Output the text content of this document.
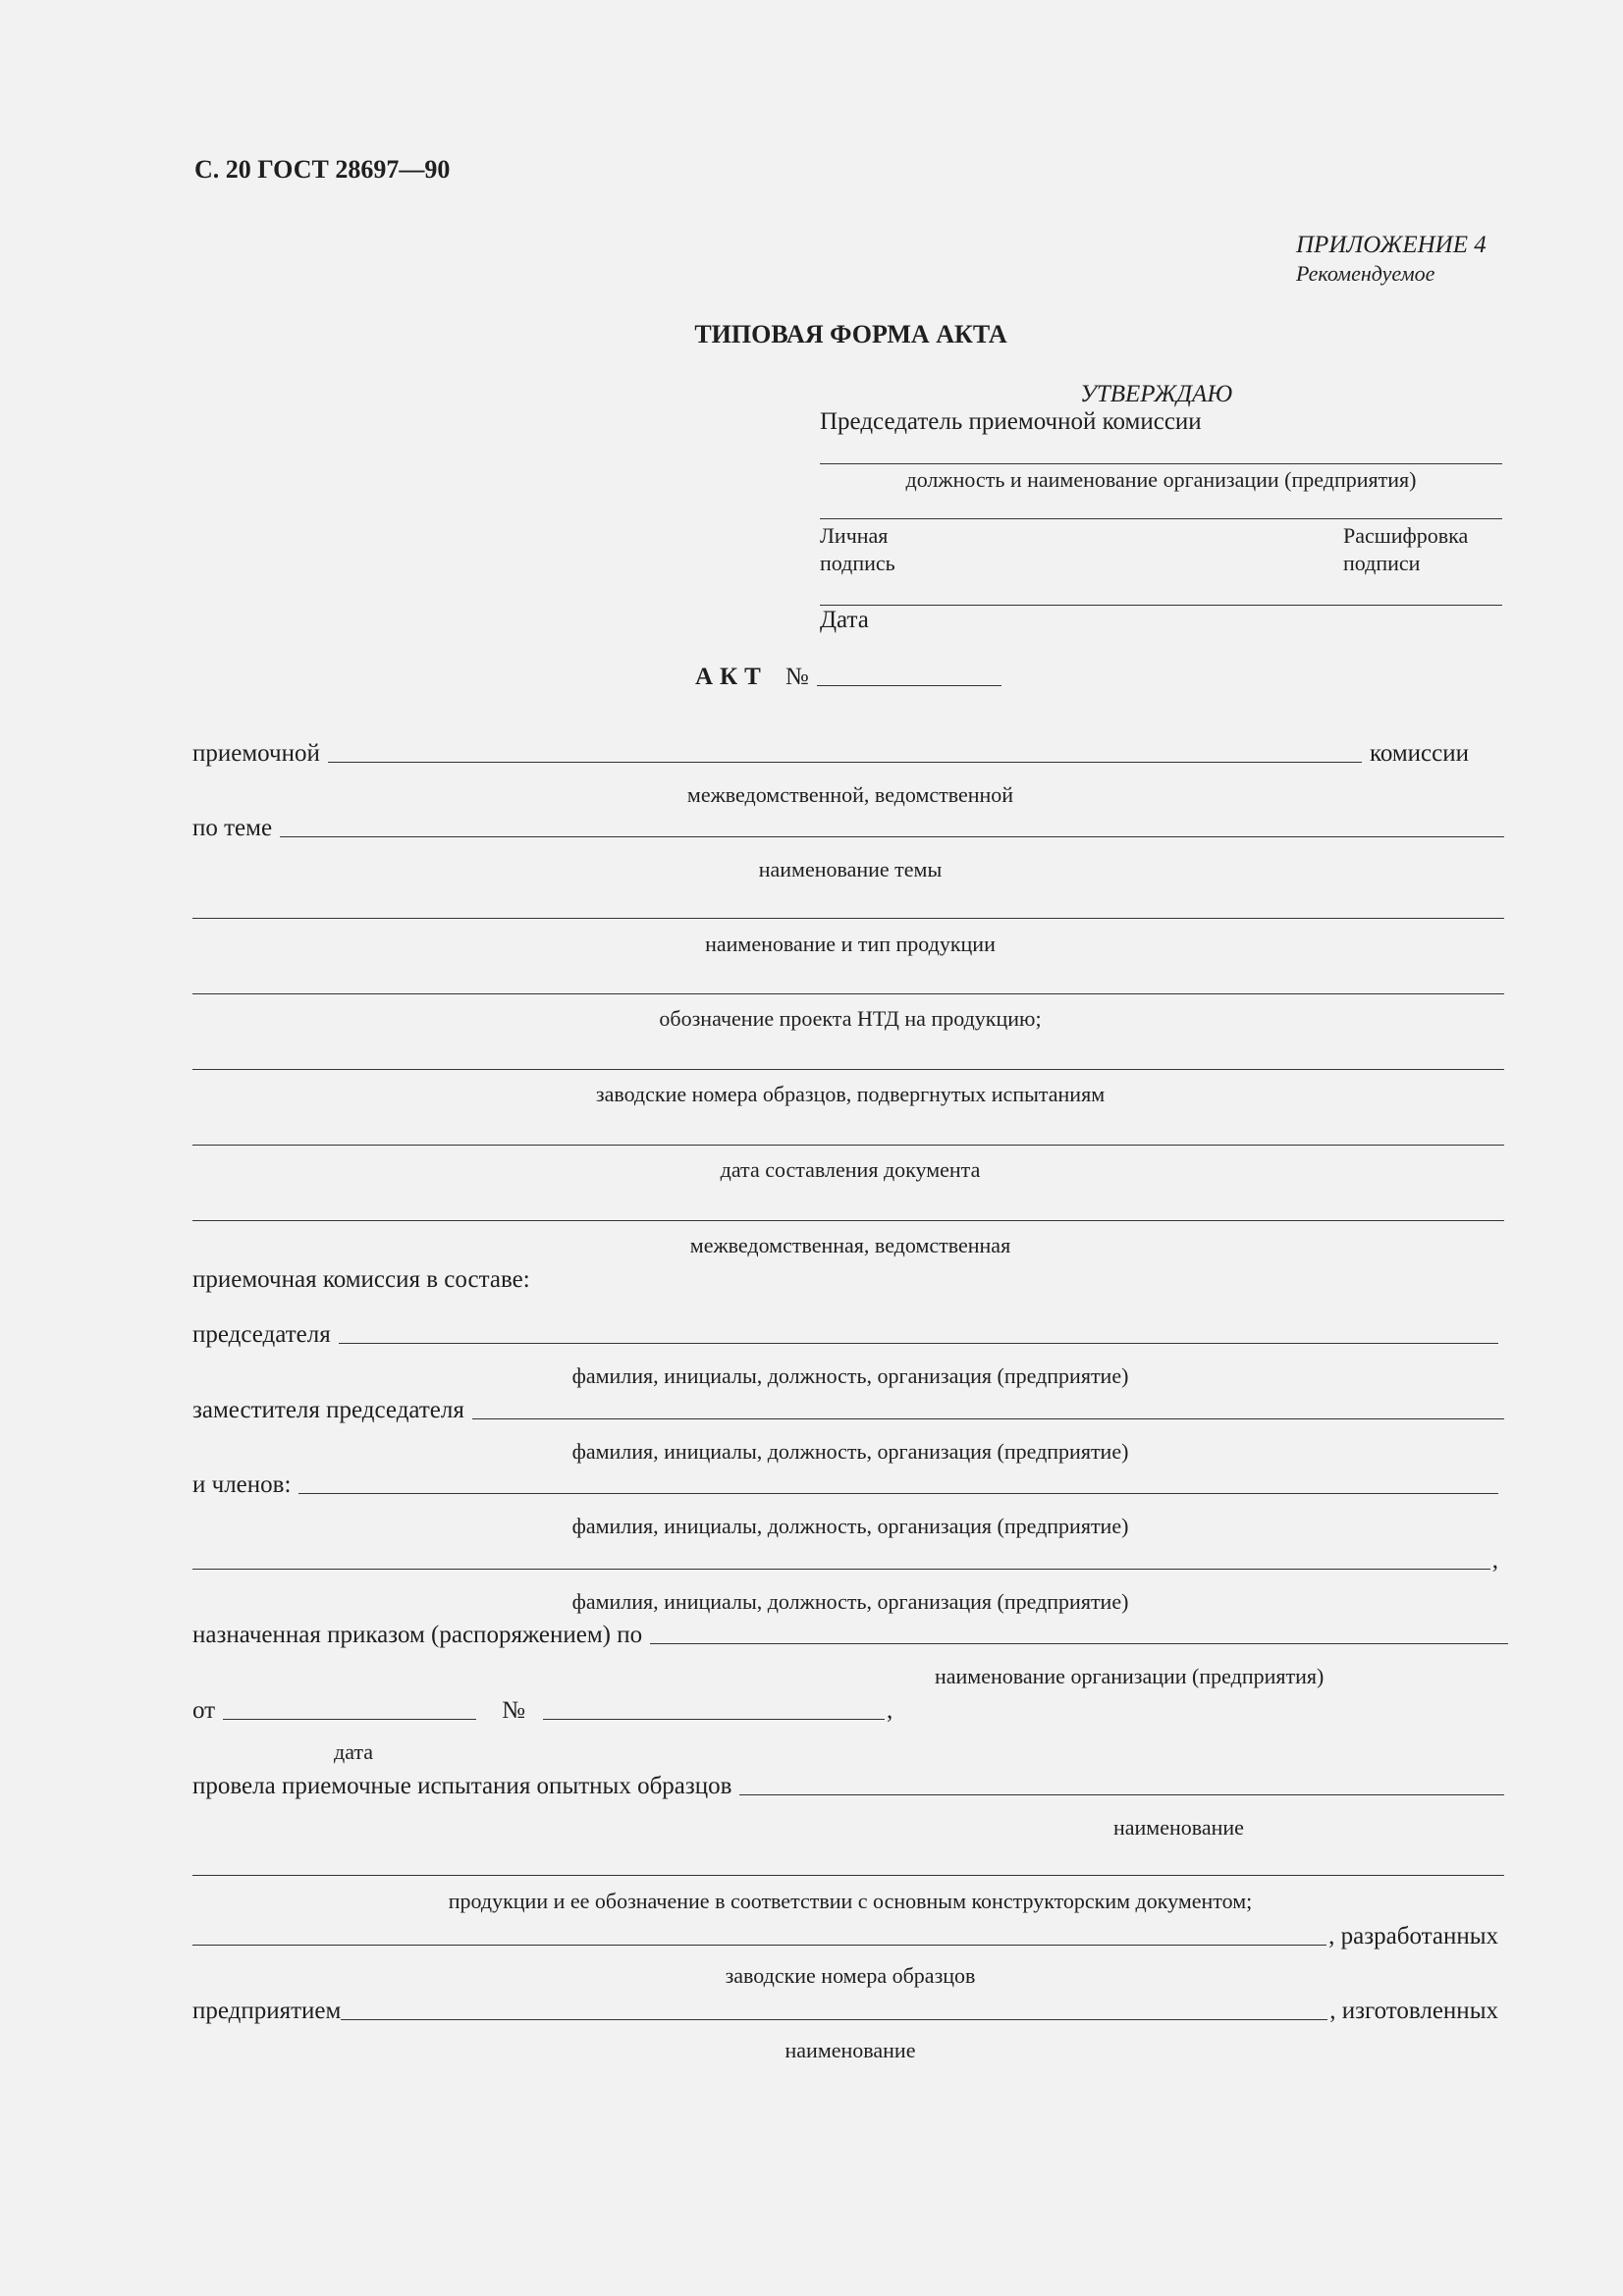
С. 20 ГОСТ 28697—90
ПРИЛОЖЕНИЕ 4
Рекомендуемое
ТИПОВАЯ ФОРМА АКТА
УТВЕРЖДАЮ
Председатель приемочной комиссии
должность и наименование организации (предприятия)
Личная
подпись
Расшифровка
подписи
Дата
АКТ №
приемочной	комиссии
межведомственной, ведомственной
по теме
наименование темы
наименование и тип продукции
обозначение проекта НТД на продукцию;
заводские номера образцов, подвергнутых испытаниям
дата составления документа
межведомственная, ведомственная
приемочная комиссия в составе:
председателя
фамилия, инициалы, должность, организация (предприятие)
заместителя председателя
фамилия, инициалы, должность, организация (предприятие)
и членов:
фамилия, инициалы, должность, организация (предприятие)
,
фамилия, инициалы, должность, организация (предприятие)
назначенная приказом (распоряжением) по
наименование организации (предприятия)
от	№	,
дата
провела приемочные испытания опытных образцов
наименование
продукции и ее обозначение в соответствии с основным конструкторским документом;
, разработанных
заводские номера образцов
предприятием	, изготовленных
наименование
